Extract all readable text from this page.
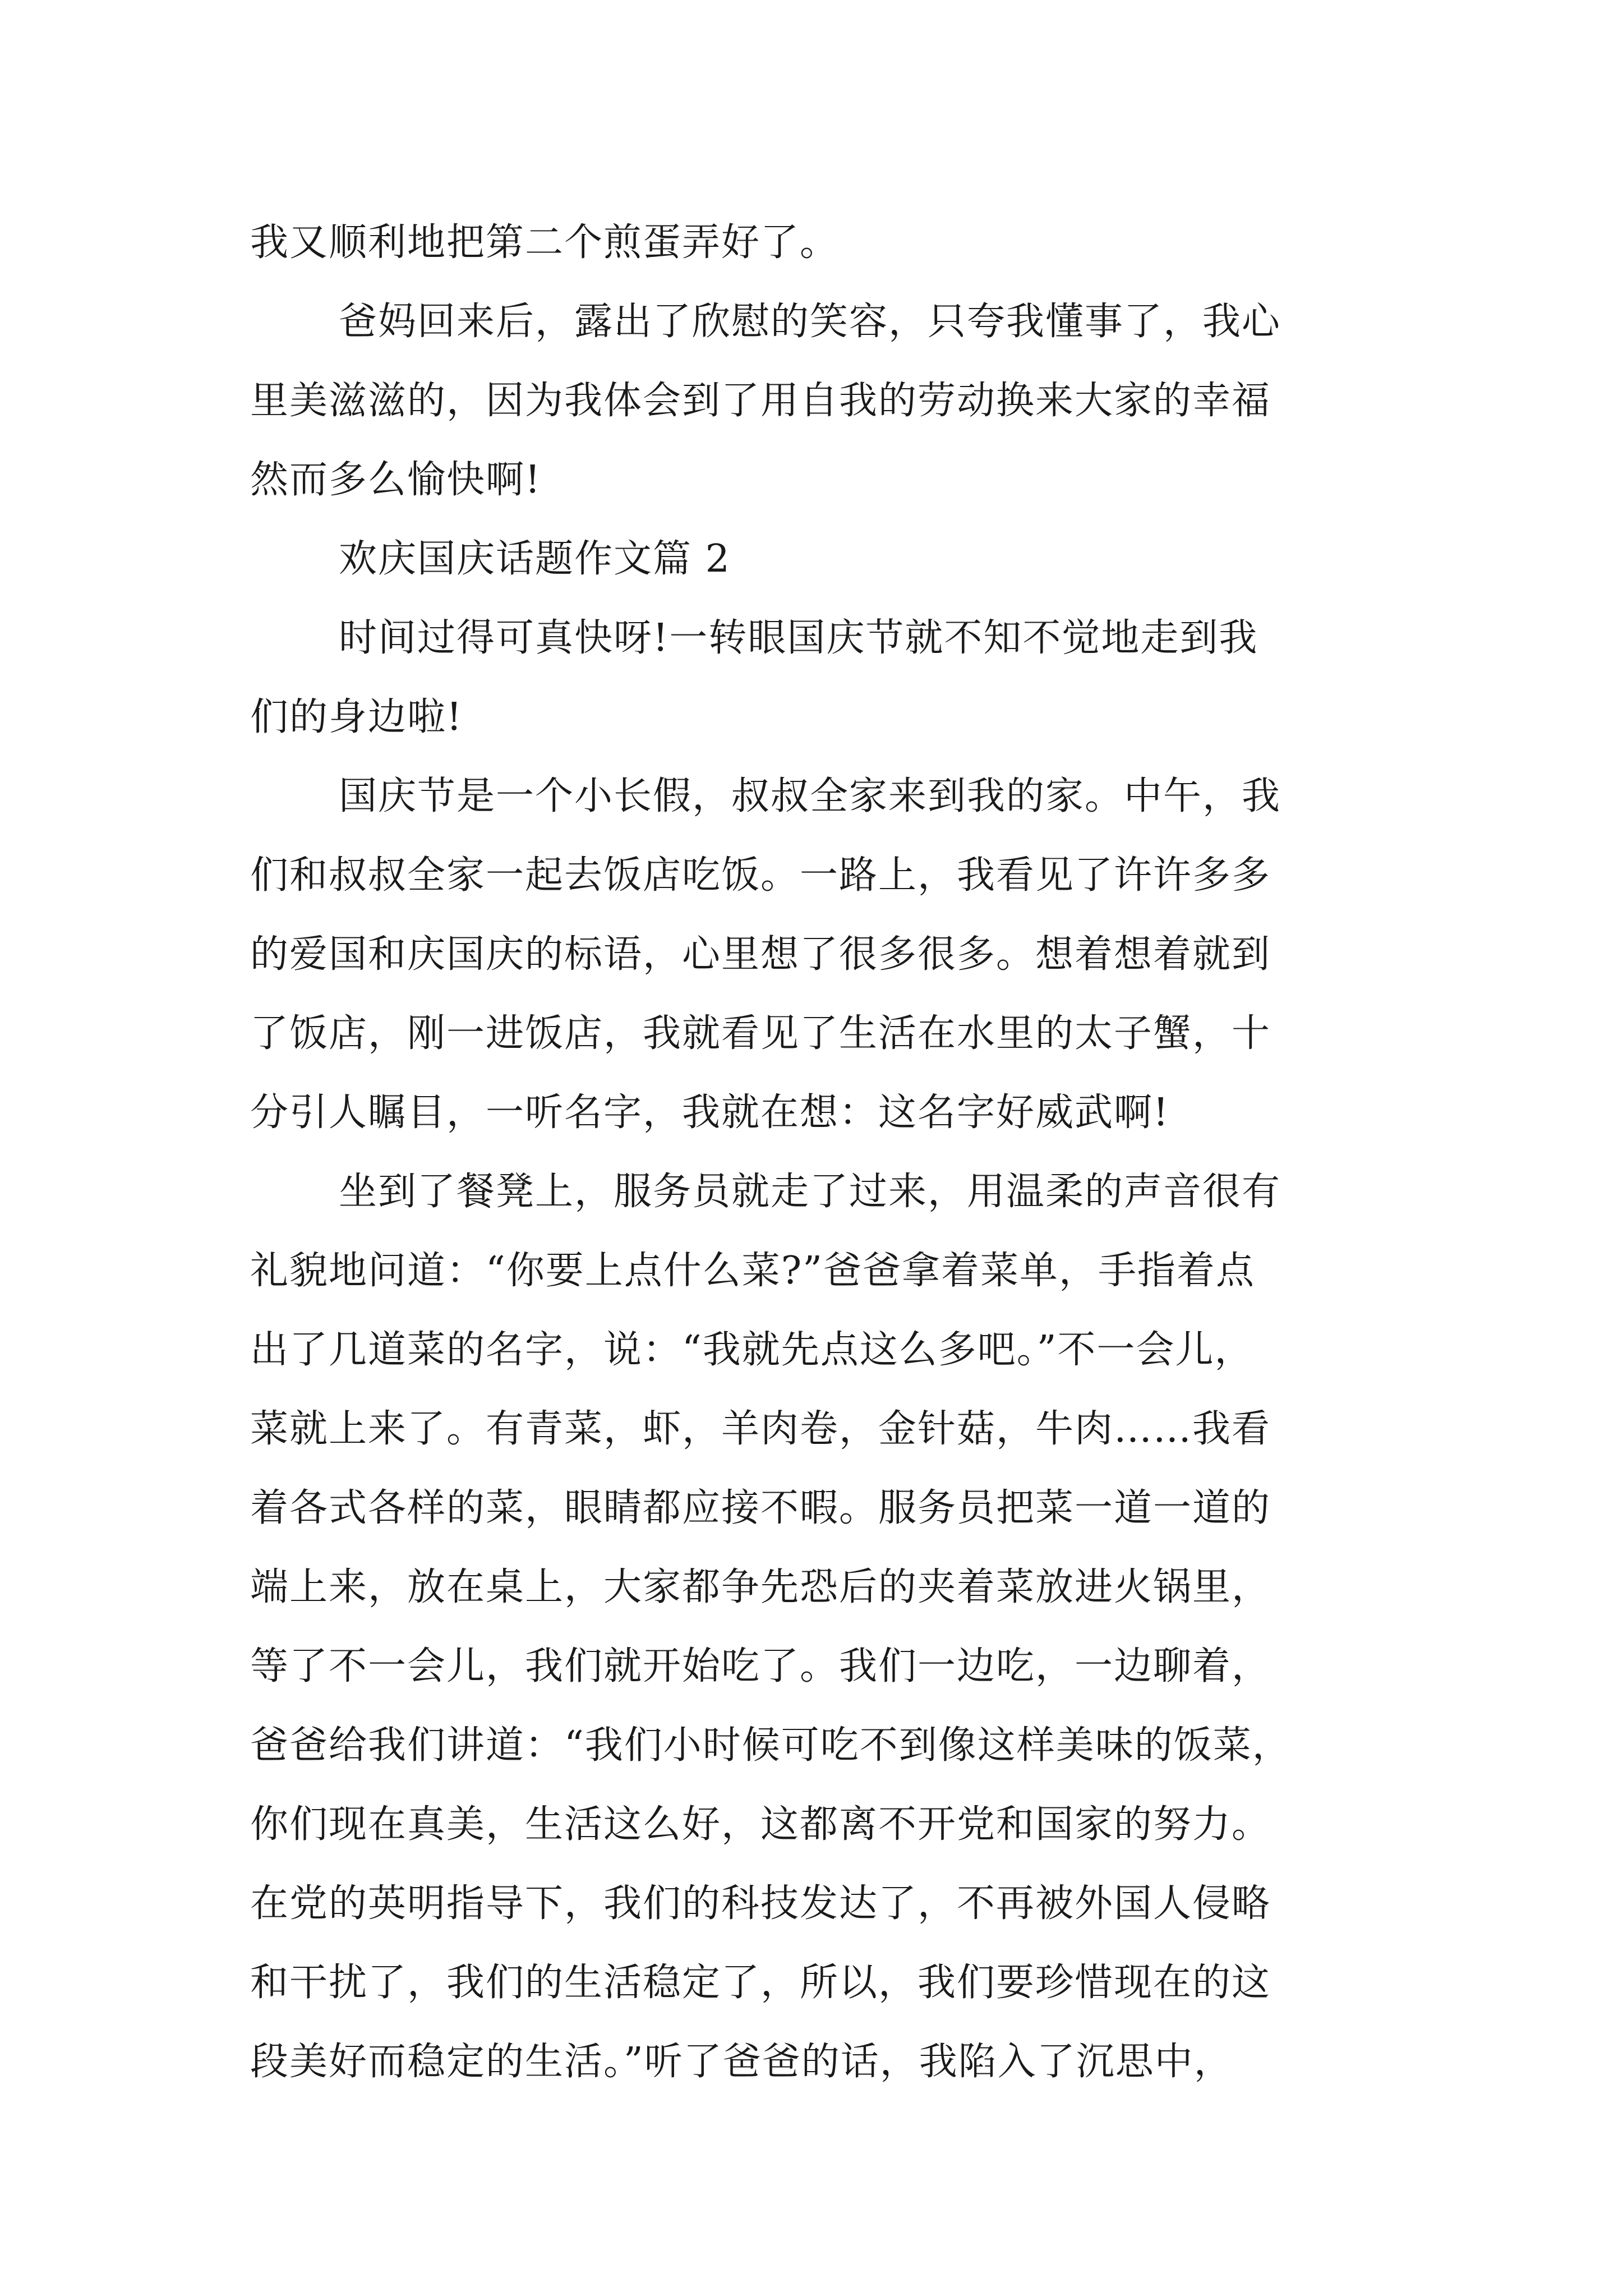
我又顺利地把第二个煎蛋弄好了。
爸妈回来后，露出了欣慰的笑容，只夸我懂事了，我心
里美滋滋的，因为我体会到了用自我的劳动换来大家的幸福
然而多么愉快啊!
欢庆国庆话题作文篇 2
时间过得可真快呀!一转眼国庆节就不知不觉地走到我
们的身边啦!
国庆节是一个小长假，叔叔全家来到我的家。中午，我
们和叔叔全家一起去饭店吃饭。一路上，我看见了许许多多
的爱国和庆国庆的标语，心里想了很多很多。想着想着就到
了饭店，刚一进饭店，我就看见了生活在水里的太子蟹，十
分引人瞩目，一听名字，我就在想：这名字好威武啊!
坐到了餐凳上，服务员就走了过来，用温柔的声音很有
礼貌地问道：“你要上点什么菜?”爸爸拿着菜单，手指着点
出了几道菜的名字，说：“我就先点这么多吧。”不一会儿，
菜就上来了。有青菜，虾，羊肉卷，金针菇，牛肉……我看
着各式各样的菜，眼睛都应接不暇。服务员把菜一道一道的
端上来，放在桌上，大家都争先恐后的夹着菜放进火锅里，
等了不一会儿，我们就开始吃了。我们一边吃，一边聊着，
爸爸给我们讲道：“我们小时候可吃不到像这样美味的饭菜，
你们现在真美，生活这么好，这都离不开党和国家的努力。
在党的英明指导下，我们的科技发达了，不再被外国人侵略
和干扰了，我们的生活稳定了，所以，我们要珍惜现在的这
段美好而稳定的生活。”听了爸爸的话，我陷入了沉思中，
